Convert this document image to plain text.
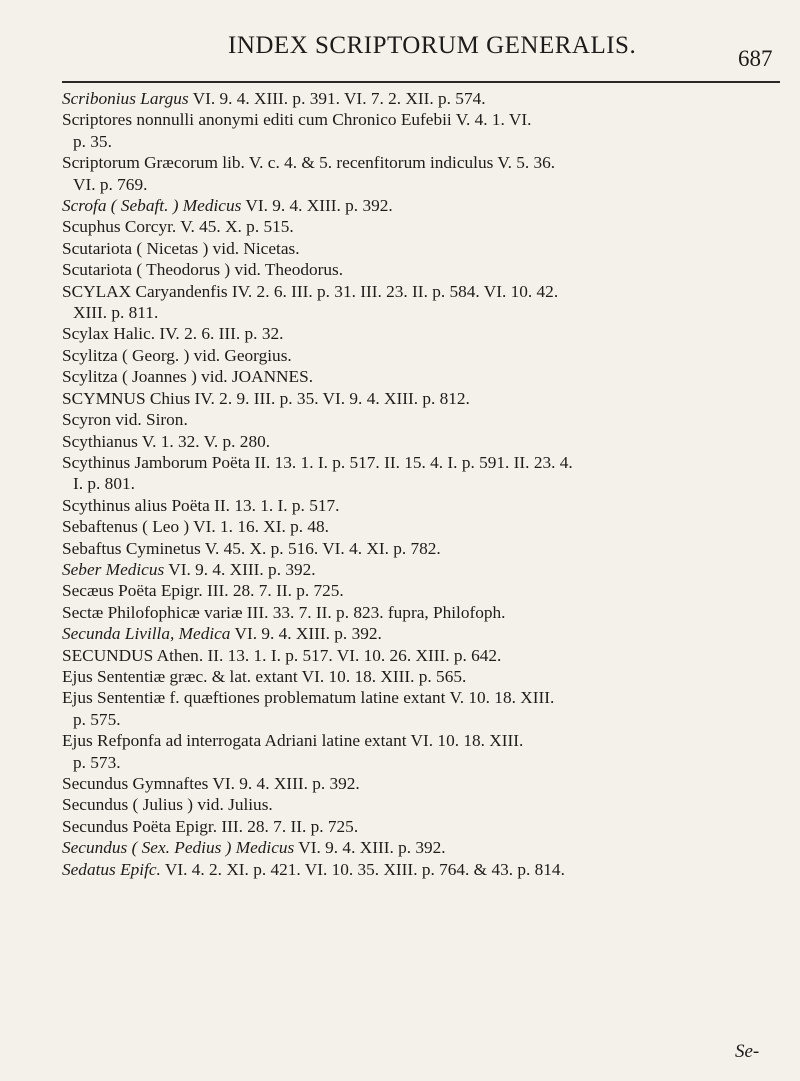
INDEX SCRIPTORUM GENERALIS.	687

Scribonius Largus VI. 9. 4. XIII. p. 391. VI. 7. 2. XII. p. 574.

Scriptores nonnulli anonymi editi cum Chronico Eufebii V. 4. 1. VI.

p. 35.

Scriptorum Græcorum lib. V. c. 4. & 5. recenfitorum indiculus V. 5. 36.

VI. p. 769.

Scrofa ( Sebaft. ) Medicus VI. 9. 4. XIII. p. 392.

Scuphus Corcyr. V. 45. X. p. 515.

Scutariota ( Nicetas ) vid. Nicetas.

Scutariota ( Theodorus ) vid. Theodorus.

SCYLAX Caryandenfis IV. 2. 6. III. p. 31. III. 23. II. p. 584. VI. 10. 42.

XIII. p. 811.

Scylax Halic. IV. 2. 6. III. p. 32.

Scylitza ( Georg. ) vid. Georgius.

Scylitza ( Joannes ) vid. JOANNES.

SCYMNUS Chius IV. 2. 9. III. p. 35. VI. 9. 4. XIII. p. 812.

Scyron vid. Siron.

Scythianus V. 1. 32. V. p. 280.

Scythinus Jamborum Poëta II. 13. 1. I. p. 517. II. 15. 4. I. p. 591. II. 23. 4.

I. p. 801.

Scythinus alius Poëta II. 13. 1. I. p. 517.

Sebaftenus ( Leo ) VI. 1. 16. XI. p. 48.

Sebaftus Cyminetus V. 45. X. p. 516. VI. 4. XI. p. 782.

Seber Medicus VI. 9. 4. XIII. p. 392.

Secæus Poëta Epigr. III. 28. 7. II. p. 725.

Sectæ Philofophicæ variæ III. 33. 7. II. p. 823. fupra, Philofoph.

Secunda Livilla, Medica VI. 9. 4. XIII. p. 392.

SECUNDUS Athen. II. 13. 1. I. p. 517. VI. 10. 26. XIII. p. 642.

Ejus Sententiæ græc. & lat. extant VI. 10. 18. XIII. p. 565.

Ejus Sententiæ f. quæftiones problematum latine extant V. 10. 18. XIII.

p. 575.

Ejus Refponfa ad interrogata Adriani latine extant VI. 10. 18. XIII.

p. 573.

Secundus Gymnaftes VI. 9. 4. XIII. p. 392.

Secundus ( Julius ) vid. Julius.

Secundus Poëta Epigr. III. 28. 7. II. p. 725.

Secundus ( Sex. Pedius ) Medicus VI. 9. 4. XIII. p. 392.

Sedatus Epifc. VI. 4. 2. XI. p. 421. VI. 10. 35. XIII. p. 764. & 43. p. 814.

Se-
